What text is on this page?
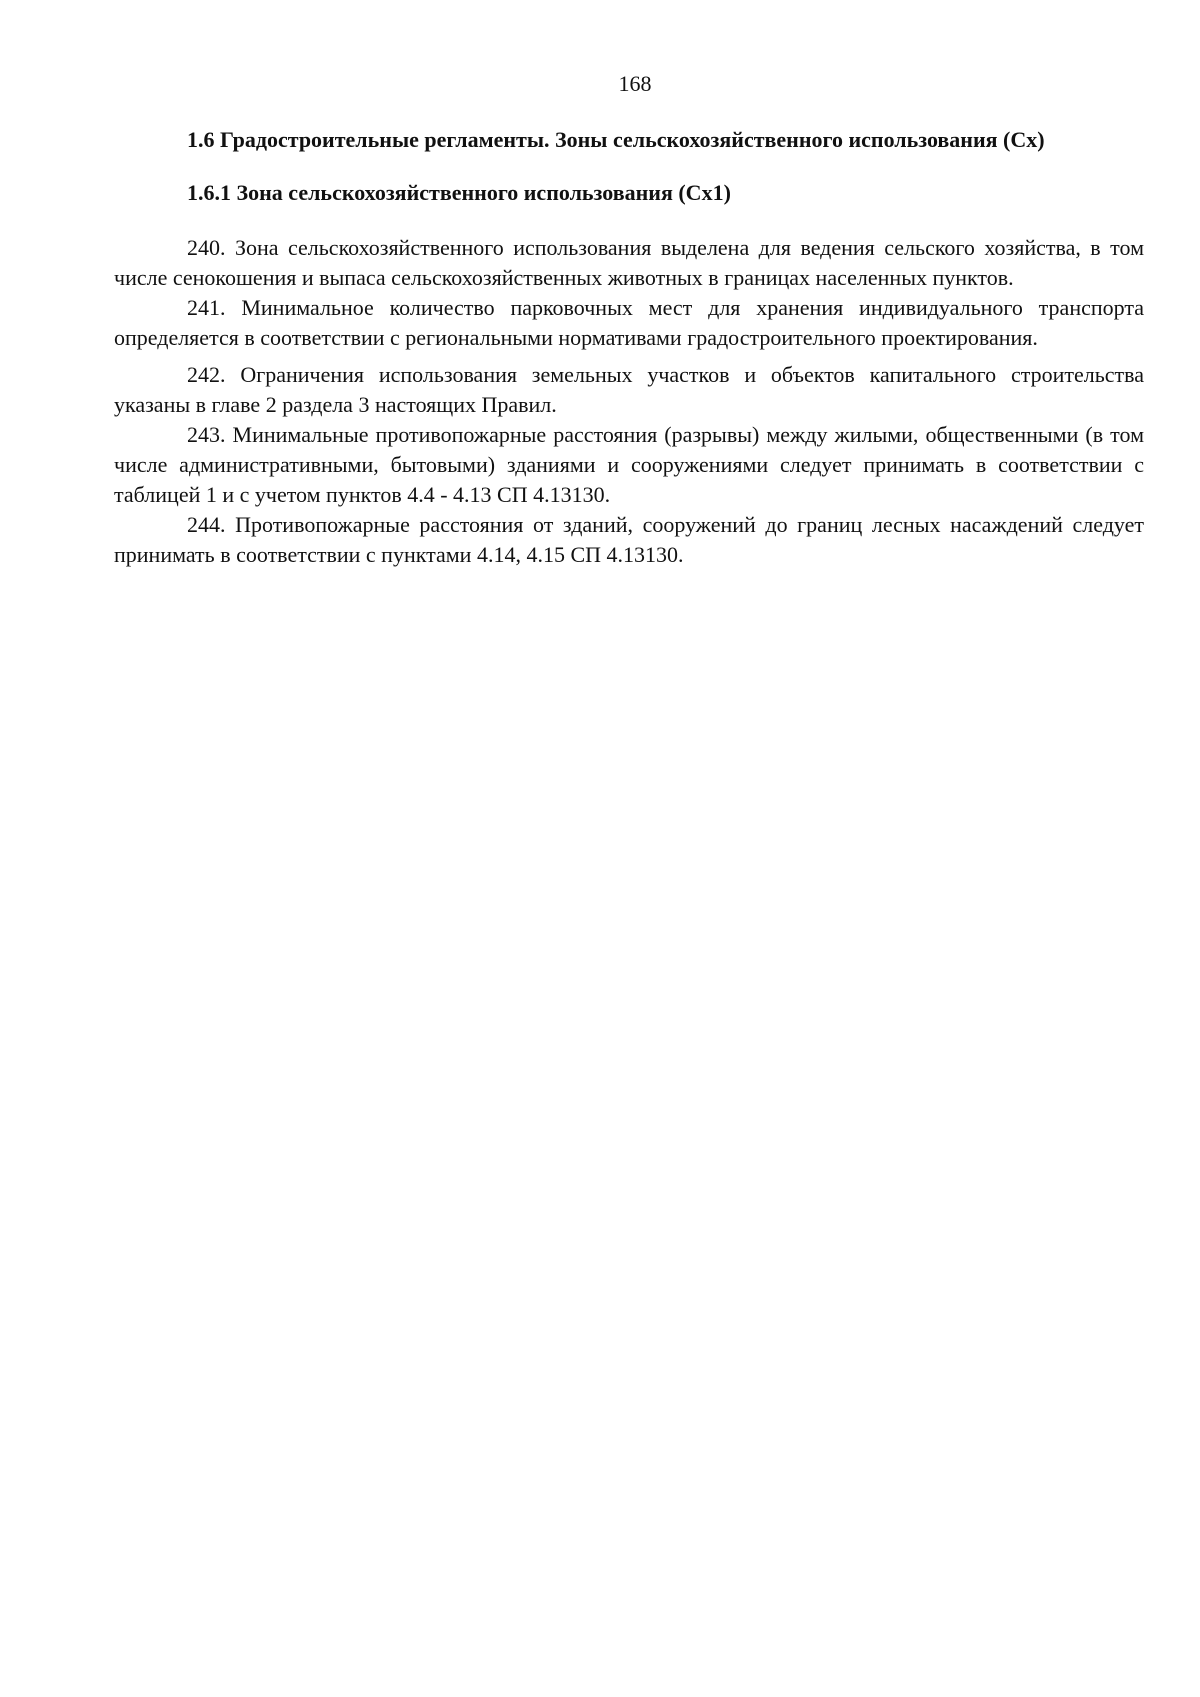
168
1.6 Градостроительные регламенты. Зоны сельскохозяйственного использования (Сх)
1.6.1 Зона сельскохозяйственного использования (Сх1)

240. Зона сельскохозяйственного использования выделена для ведения сельского хозяйства, в том числе сенокошения и выпаса сельскохозяйственных животных в границах населенных пунктов.

241. Минимальное количество парковочных мест для хранения индивидуального транспорта определяется в соответствии с региональными нормативами градостроительного проектирования.

242. Ограничения использования земельных участков и объектов капитального строительства указаны в главе 2 раздела 3 настоящих Правил.

243. Минимальные противопожарные расстояния (разрывы) между жилыми, общественными (в том числе административными, бытовыми) зданиями и сооружениями следует принимать в соответствии с таблицей 1 и с учетом пунктов 4.4 - 4.13 СП 4.13130.

244. Противопожарные расстояния от зданий, сооружений до границ лесных насаждений следует принимать в соответствии с пунктами 4.14, 4.15 СП 4.13130.
